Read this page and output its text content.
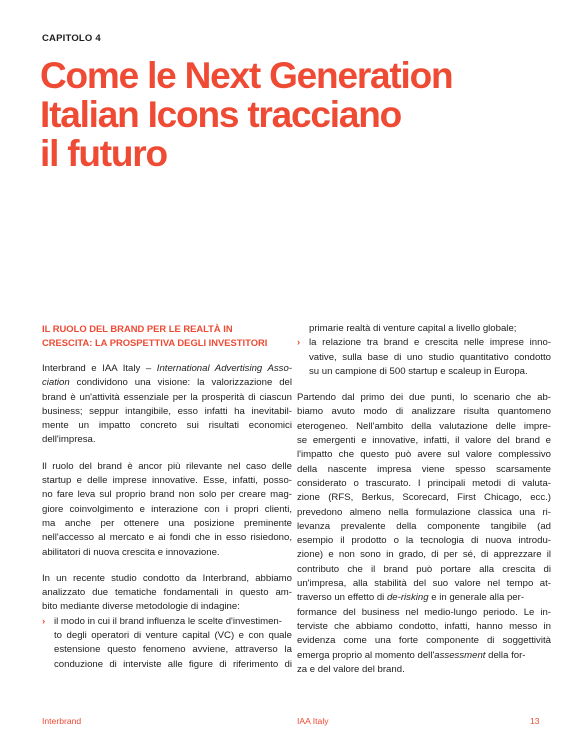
CAPITOLO 4
Come le Next Generation
Italian Icons tracciano
il futuro
IL RUOLO DEL BRAND PER LE REALTÀ IN
CRESCITA: LA PROSPETTIVA DEGLI INVESTITORI
Interbrand e IAA Italy – International Advertising Asso-
ciation condividono una visione: la valorizzazione del
brand è un'attività essenziale per la prosperità di ciascun
business; seppur intangibile, esso infatti ha inevitabil-
mente un impatto concreto sui risultati economici
dell'impresa.
Il ruolo del brand è ancor più rilevante nel caso delle
startup e delle imprese innovative. Esse, infatti, posso-
no fare leva sul proprio brand non solo per creare mag-
giore coinvolgimento e interazione con i propri clienti,
ma anche per ottenere una posizione preminente
nell'accesso al mercato e ai fondi che in esso risiedono,
abilitatori di nuova crescita e innovazione.
In un recente studio condotto da Interbrand, abbiamo
analizzato due tematiche fondamentali in questo am-
bito mediante diverse metodologie di indagine:
› il modo in cui il brand influenza le scelte d'investimen-
to degli operatori di venture capital (VC) e con quale
estensione questo fenomeno avviene, attraverso la
conduzione di interviste alle figure di riferimento di
primarie realtà di venture capital a livello globale;
› la relazione tra brand e crescita nelle imprese inno-
vative, sulla base di uno studio quantitativo condotto
su un campione di 500 startup e scaleup in Europa.
Partendo dal primo dei due punti, lo scenario che ab-
biamo avuto modo di analizzare risulta quantomeno
eterogeneo. Nell'ambito della valutazione delle impre-
se emergenti e innovative, infatti, il valore del brand e
l'impatto che questo può avere sul valore complessivo
della nascente impresa viene spesso scarsamente
considerato o trascurato. I principali metodi di valuta-
zione (RFS, Berkus, Scorecard, First Chicago, ecc.)
prevedono almeno nella formulazione classica una ri-
levanza prevalente della componente tangibile (ad
esempio il prodotto o la tecnologia di nuova introdu-
zione) e non sono in grado, di per sé, di apprezzare il
contributo che il brand può portare alla crescita di
un'impresa, alla stabilità del suo valore nel tempo at-
traverso un effetto di de-risking e in generale alla per-
formance del business nel medio-lungo periodo. Le in-
terviste che abbiamo condotto, infatti, hanno messo in
evidenza come una forte componente di soggettività
emerga proprio al momento dell'assessment della for-
za e del valore del brand.
Interbrand	IAA Italy	13
